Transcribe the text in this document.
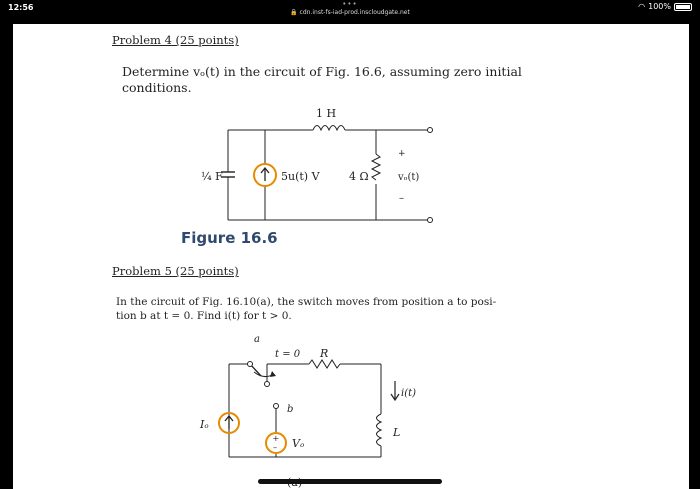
12:56	•••
🔒 cdn.inst-fs-iad-prod.inscloudgate.net
◠ 100%
Problem 4 (25 points)
Determine vₒ(t) in the circuit of Fig. 16.6, assuming zero initial
conditions.
1 H
¼ F	5u(t) V	4 Ω
+
vₒ(t)
–
Figure 16.6
Problem 5 (25 points)
In the circuit of Fig. 16.10(a), the switch moves from position a to posi-
tion b at t = 0. Find i(t) for t > 0.
+
–
a
b
t = 0 R
i(t)
L
Iₒ
Vₒ
